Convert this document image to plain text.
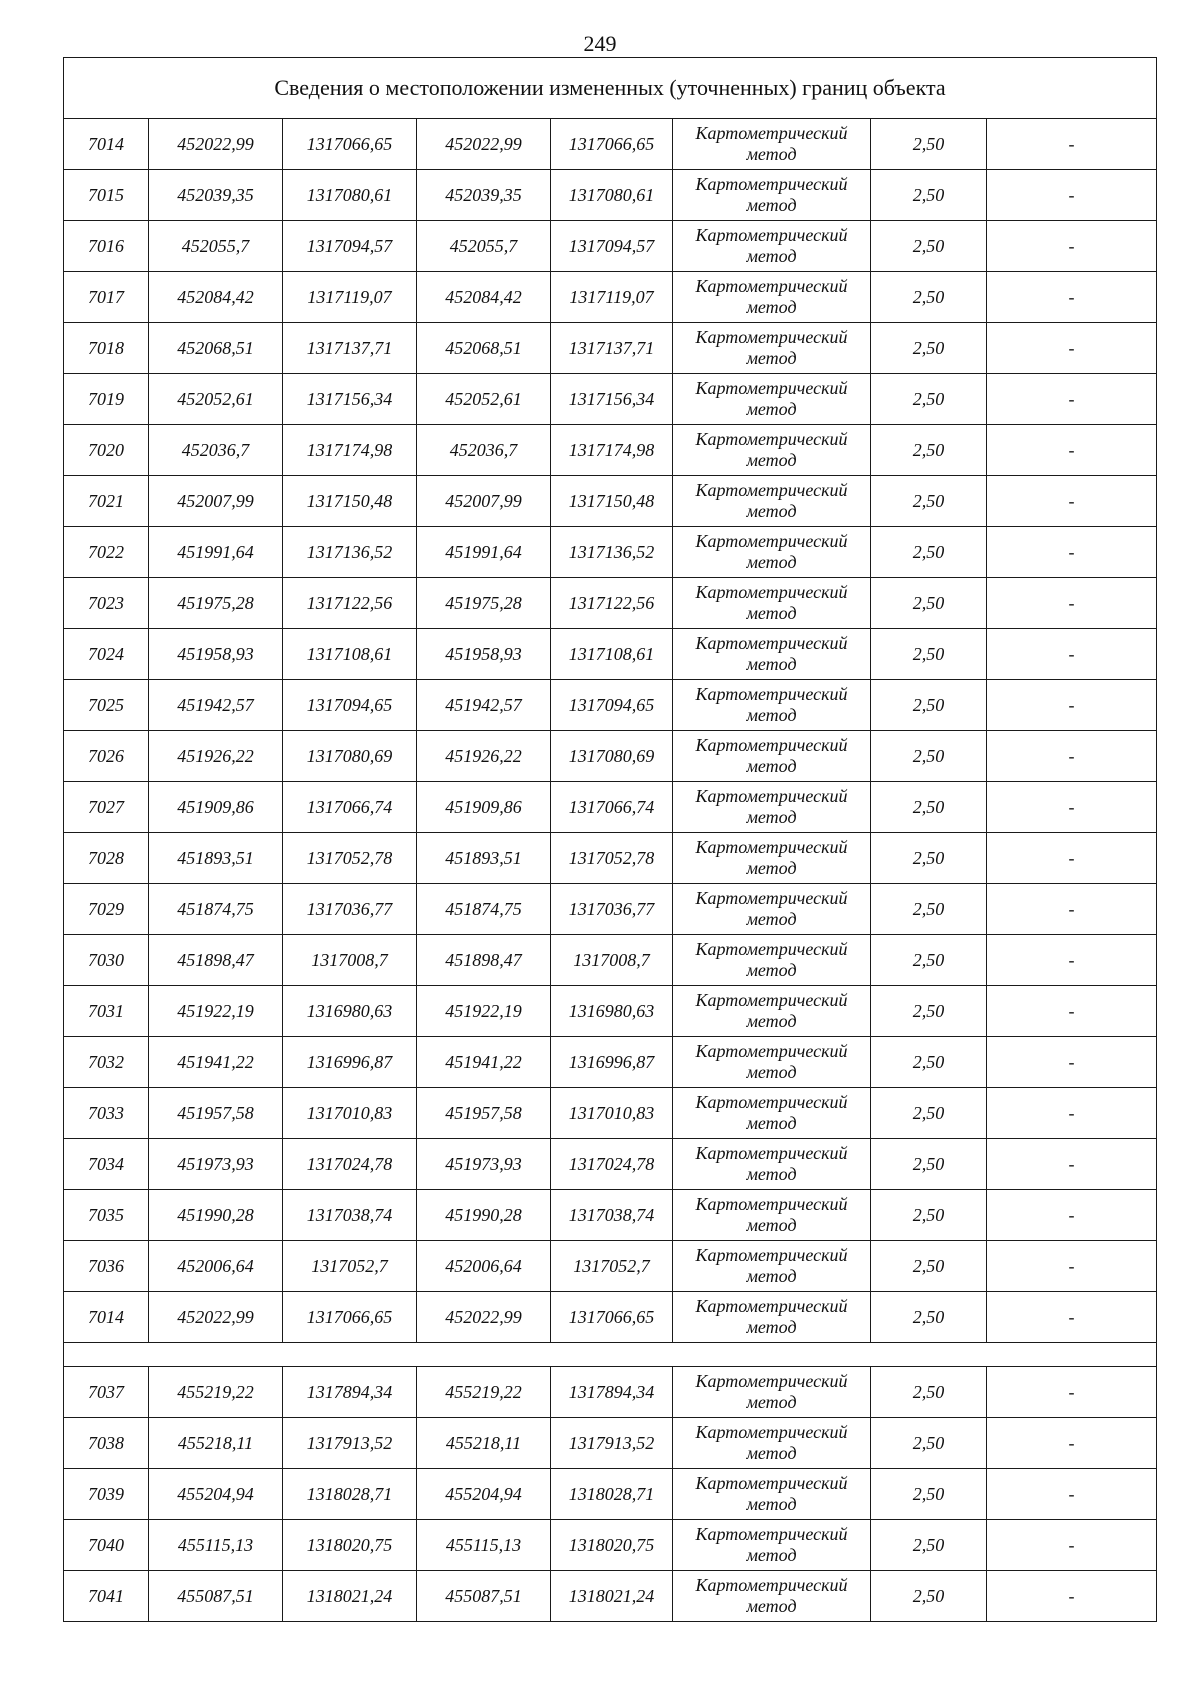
249
Сведения о местоположении измененных (уточненных) границ объекта							
7014	452022,99	1317066,65	452022,99	1317066,65	Картометрический
метод	2,50	-
7015	452039,35	1317080,61	452039,35	1317080,61	Картометрический
метод	2,50	-
7016	452055,7	1317094,57	452055,7	1317094,57	Картометрический
метод	2,50	-
7017	452084,42	1317119,07	452084,42	1317119,07	Картометрический
метод	2,50	-
7018	452068,51	1317137,71	452068,51	1317137,71	Картометрический
метод	2,50	-
7019	452052,61	1317156,34	452052,61	1317156,34	Картометрический
метод	2,50	-
7020	452036,7	1317174,98	452036,7	1317174,98	Картометрический
метод	2,50	-
7021	452007,99	1317150,48	452007,99	1317150,48	Картометрический
метод	2,50	-
7022	451991,64	1317136,52	451991,64	1317136,52	Картометрический
метод	2,50	-
7023	451975,28	1317122,56	451975,28	1317122,56	Картометрический
метод	2,50	-
7024	451958,93	1317108,61	451958,93	1317108,61	Картометрический
метод	2,50	-
7025	451942,57	1317094,65	451942,57	1317094,65	Картометрический
метод	2,50	-
7026	451926,22	1317080,69	451926,22	1317080,69	Картометрический
метод	2,50	-
7027	451909,86	1317066,74	451909,86	1317066,74	Картометрический
метод	2,50	-
7028	451893,51	1317052,78	451893,51	1317052,78	Картометрический
метод	2,50	-
7029	451874,75	1317036,77	451874,75	1317036,77	Картометрический
метод	2,50	-
7030	451898,47	1317008,7	451898,47	1317008,7	Картометрический
метод	2,50	-
7031	451922,19	1316980,63	451922,19	1316980,63	Картометрический
метод	2,50	-
7032	451941,22	1316996,87	451941,22	1316996,87	Картометрический
метод	2,50	-
7033	451957,58	1317010,83	451957,58	1317010,83	Картометрический
метод	2,50	-
7034	451973,93	1317024,78	451973,93	1317024,78	Картометрический
метод	2,50	-
7035	451990,28	1317038,74	451990,28	1317038,74	Картометрический
метод	2,50	-
7036	452006,64	1317052,7	452006,64	1317052,7	Картометрический
метод	2,50	-
7014	452022,99	1317066,65	452022,99	1317066,65	Картометрический
метод	2,50	-

7037	455219,22	1317894,34	455219,22	1317894,34	Картометрический
метод	2,50	-
7038	455218,11	1317913,52	455218,11	1317913,52	Картометрический
метод	2,50	-
7039	455204,94	1318028,71	455204,94	1318028,71	Картометрический
метод	2,50	-
7040	455115,13	1318020,75	455115,13	1318020,75	Картометрический
метод	2,50	-
7041	455087,51	1318021,24	455087,51	1318021,24	Картометрический
метод	2,50	-
